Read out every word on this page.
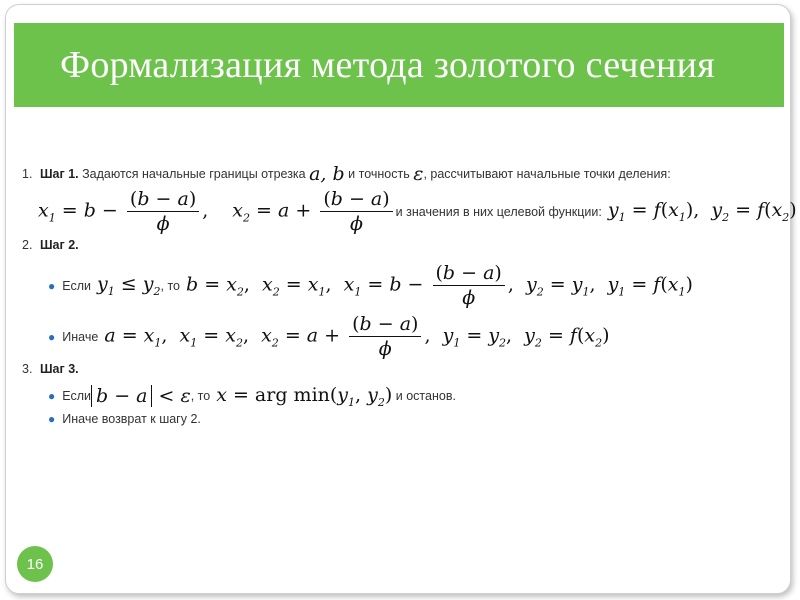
Формализация метода золотого сечения
1. Шаг 1.
Задаются начальные границы отрезка
a, b
и точность
ε , рассчитывают начальные точки деления:
$x_1 = b - \frac{(b - a)}{\phi}$ , $x_2 = a + \frac{(b - a)}{\phi}$ и значения в них
целевой функции : $y_1 = f(x_1)$,  $y_2 = f(x_2)$
2. Шаг 2.
● Если $y_1 \le y_2$ , то $b = x_2$,  $x_2 = x_1$,  $x_1 = b - \frac{(b - a)}{\phi}$ ,  $y_2 = y_1$,  $y_1 = f(x_1)$
● Иначе $a = x_1$,  $x_1 = x_2$,  $x_2 = a + \frac{(b - a)}{\phi}$ ,  $y_1 = y_2$,  $y_2 = f(x_2)$
3. Шаг 3.
● Если b − a < ε , то x = arg $\min(y_1$, $y_2$)
и останов.
● Иначе возврат к шагу 2.
16
